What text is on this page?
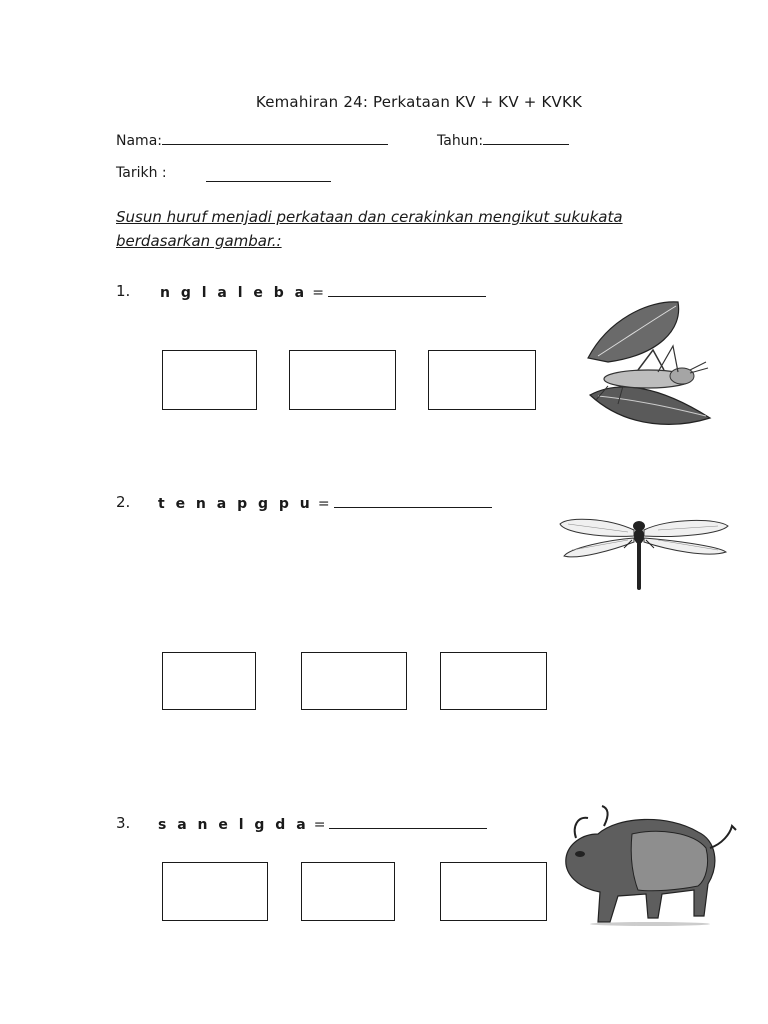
Kemahiran 24: Perkataan KV + KV + KVKK
Nama:	Tahun:
Tarikh :
Susun huruf menjadi perkataan dan cerakinkan mengikut sukukata
berdasarkan gambar.:
1. n g l a l e b a =
2. t e n a p g p u =
3. s a n e l g d a =
